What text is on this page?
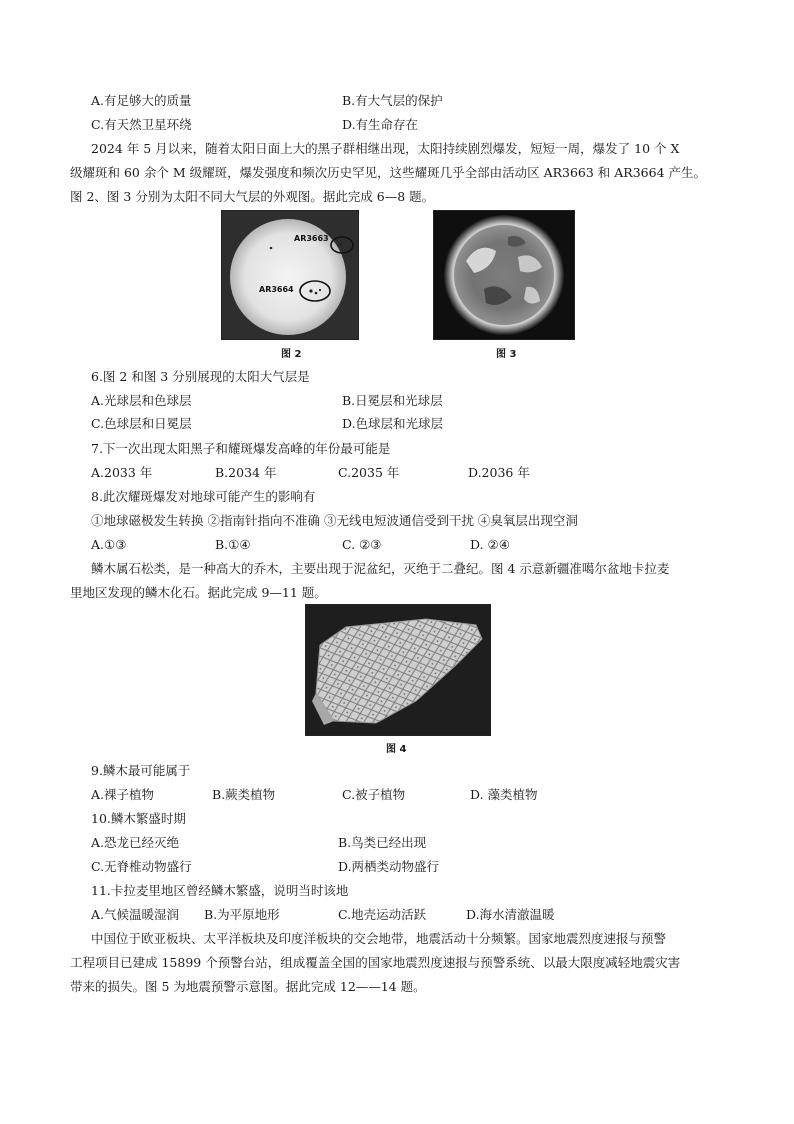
A.有足够大的质量	B.有大气层的保护
C.有天然卫星环绕	D.有生命存在
2024 年 5 月以来，随着太阳日面上大的黑子群相继出现，太阳持续剧烈爆发，短短一周，爆发了 10 个 X
级耀斑和 60 余个 M 级耀斑，爆发强度和频次历史罕见，这些耀斑几乎全部由活动区 AR3663 和 AR3664 产生。
图 2、图 3 分别为太阳不同大气层的外观图。据此完成 6—8 题。
AR3663
AR3664
图 2	图 3
6.图 2 和图 3 分别展现的太阳大气层是
A.光球层和色球层	B.日冕层和光球层
C.色球层和日冕层	D.色球层和光球层
7.下一次出现太阳黑子和耀斑爆发高峰的年份最可能是
A.2033 年	B.2034 年	C.2035 年	D.2036 年
8.此次耀斑爆发对地球可能产生的影响有
①地球磁极发生转换 ②指南针指向不准确 ③无线电短波通信受到干扰 ④臭氧层出现空洞
A.①③	B.①④	C. ②③	D. ②④
鳞木属石松类，是一种高大的乔木，主要出现于泥盆纪，灭绝于二叠纪。图 4 示意新疆准噶尔盆地卡拉麦
里地区发现的鳞木化石。据此完成 9—11 题。
图 4
9.鳞木最可能属于
A.裸子植物	B.蕨类植物	C.被子植物	D. 藻类植物
10.鳞木繁盛时期
A.恐龙已经灭绝	B.鸟类已经出现
C.无脊椎动物盛行	D.两栖类动物盛行
11.卡拉麦里地区曾经鳞木繁盛，说明当时该地
A.气候温暖湿润 B.为平原地形	C.地壳运动活跃	D.海水清澈温暖
中国位于欧亚板块、太平洋板块及印度洋板块的交会地带，地震活动十分频繁。国家地震烈度速报与预警
工程项目已建成 15899 个预警台站，组成覆盖全国的国家地震烈度速报与预警系统、以最大限度减轻地震灾害
带来的损失。图 5 为地震预警示意图。据此完成 12——14 题。
